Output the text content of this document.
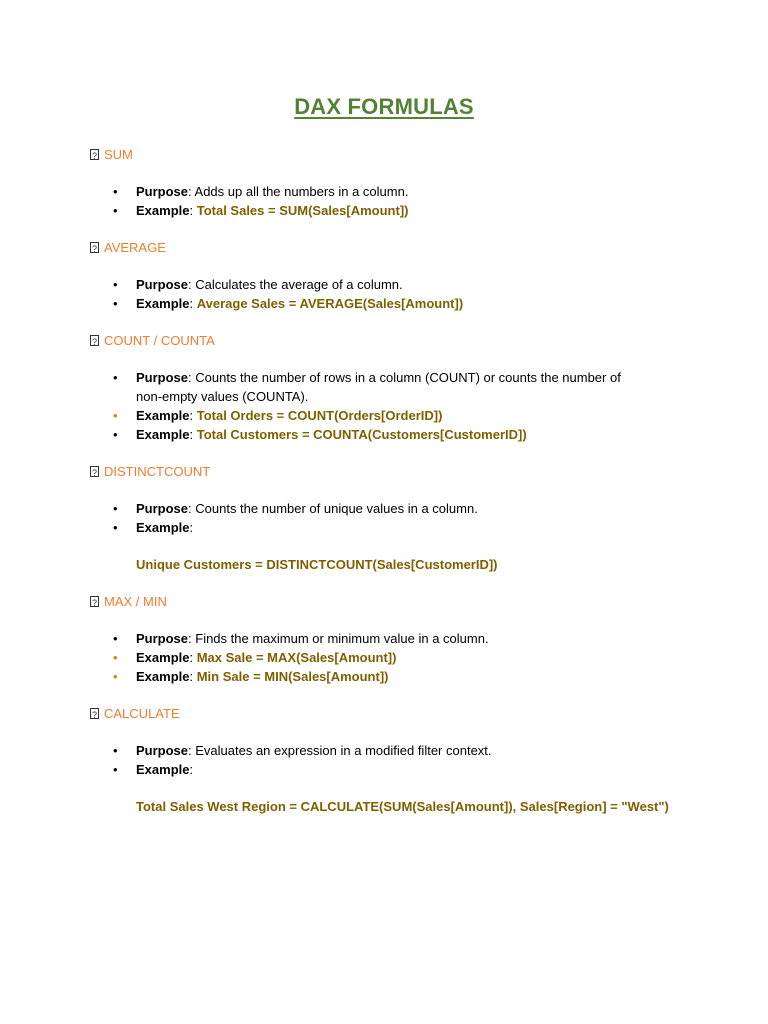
DAX FORMULAS
?
SUM
• Purpose: Adds up all the numbers in a column.
• Example: Total Sales = SUM(Sales[Amount])
?
AVERAGE
• Purpose: Calculates the average of a column.
• Example: Average Sales = AVERAGE(Sales[Amount])
?
COUNT / COUNTA
• Purpose: Counts the number of rows in a column (COUNT) or counts the number of
non-empty values (COUNTA).
• Example: Total Orders = COUNT(Orders[OrderID])
• Example: Total Customers = COUNTA(Customers[CustomerID])
?
DISTINCTCOUNT
• Purpose: Counts the number of unique values in a column.
• Example:
Unique Customers = DISTINCTCOUNT(Sales[CustomerID])
?
MAX / MIN
• Purpose: Finds the maximum or minimum value in a column.
• Example: Max Sale = MAX(Sales[Amount])
• Example: Min Sale = MIN(Sales[Amount])
?
CALCULATE
• Purpose: Evaluates an expression in a modified filter context.
• Example:
Total Sales West Region = CALCULATE(SUM(Sales[Amount]), Sales[Region] = "West")
